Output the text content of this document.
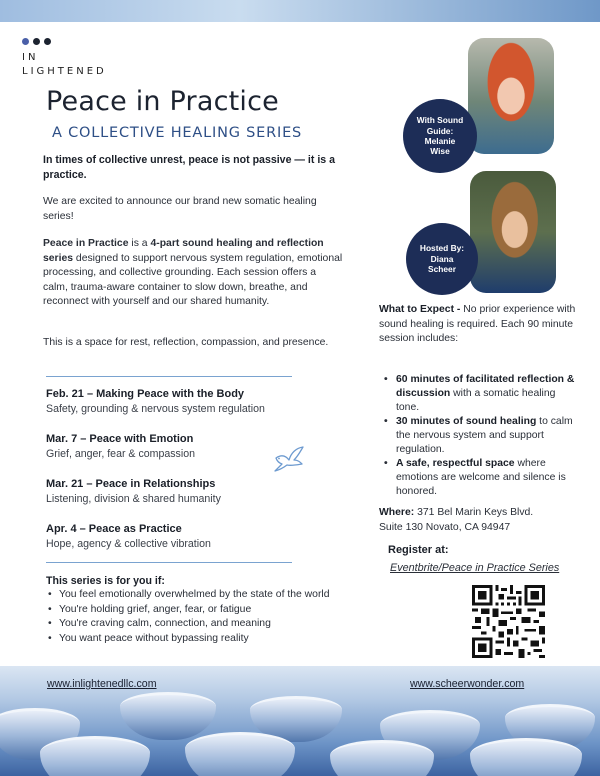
IN
LIGHTENED
Peace in Practice
A COLLECTIVE HEALING SERIES
In times of collective unrest, peace is not passive — it is a practice.
We are excited to announce our brand new somatic healing series!
Peace in Practice is a 4-part sound healing and reflection series designed to support nervous system regulation, emotional processing, and collective grounding. Each session offers a calm, trauma-aware container to slow down, breathe, and reconnect with yourself and our shared humanity.
This is a space for rest, reflection, compassion, and presence.
Feb. 21 – Making Peace with the Body
Safety, grounding & nervous system regulation
Mar. 7 – Peace with Emotion
Grief, anger, fear & compassion
Mar. 21 – Peace in Relationships
Listening, division & shared humanity
Apr. 4 – Peace as Practice
Hope, agency & collective vibration
This series is for you if:
• You feel emotionally overwhelmed by the state of the world
• You're holding grief, anger, fear, or fatigue
• You're craving calm, connection, and meaning
• You want peace without bypassing reality
With Sound
Guide:
Melanie
Wise
Hosted By:
Diana
Scheer
What to Expect - No prior experience with sound healing is required. Each 90 minute session includes:
• 60 minutes of facilitated reflection & discussion with a somatic healing tone.
• 30 minutes of sound healing to calm the nervous system and support regulation.
• A safe, respectful space where emotions are welcome and silence is honored.
Where: 371 Bel Marin Keys Blvd.
Suite 130 Novato, CA 94947
Register at:
Eventbrite/Peace in Practice Series
www.inlightenedllc.com	www.scheerwonder.com
